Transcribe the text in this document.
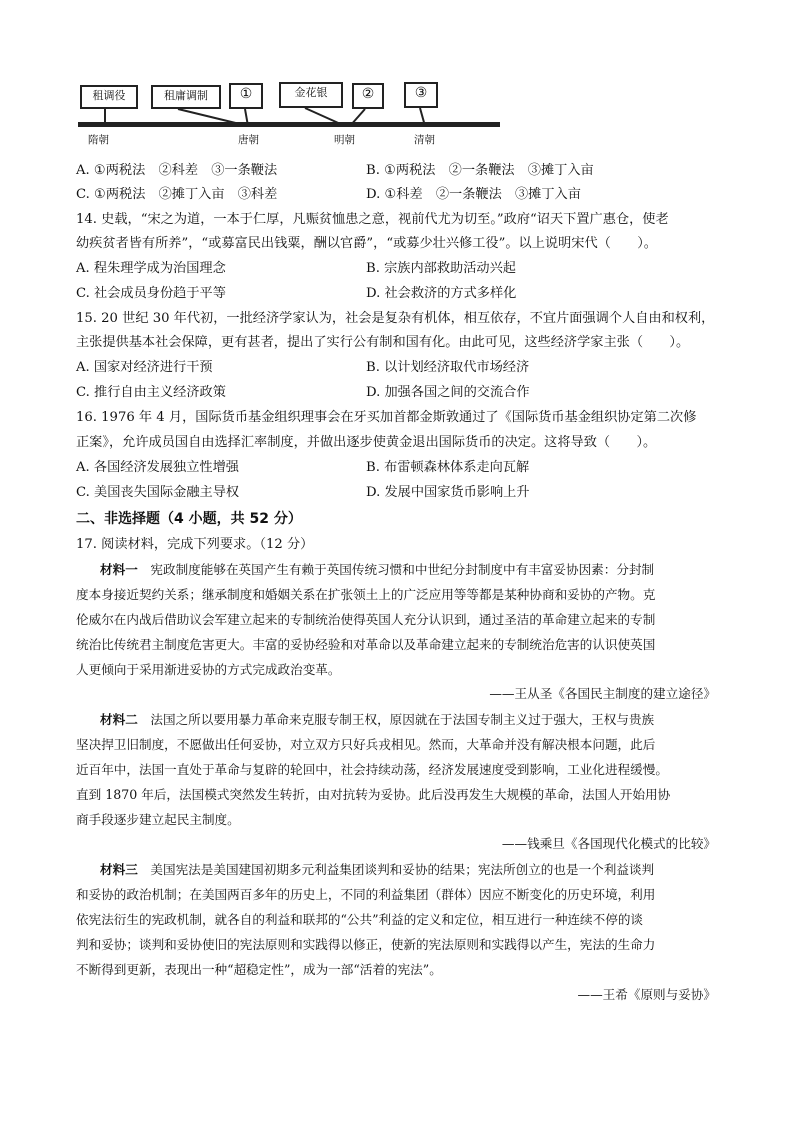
租调役	租庸调制	①	金花银	②	③
隋朝	唐朝	明朝	清朝
A. ①两税法　②科差　③一条鞭法	B. ①两税法　②一条鞭法　③摊丁入亩
C. ①两税法　②摊丁入亩　③科差	D. ①科差　②一条鞭法　③摊丁入亩
14. 史载，“宋之为道，一本于仁厚，凡赈贫恤患之意，视前代尤为切至。”政府“诏天下置广惠仓，使老
幼疾贫者皆有所养”，“或募富民出钱粟，酬以官爵”，“或募少壮兴修工役”。以上说明宋代（　　）。
A. 程朱理学成为治国理念	B. 宗族内部救助活动兴起
C. 社会成员身份趋于平等	D. 社会救济的方式多样化
15. 20 世纪 30 年代初，一批经济学家认为，社会是复杂有机体，相互依存，不宜片面强调个人自由和权利，
主张提供基本社会保障，更有甚者，提出了实行公有制和国有化。由此可见，这些经济学家主张（　　）。
A. 国家对经济进行干预	B. 以计划经济取代市场经济
C. 推行自由主义经济政策	D. 加强各国之间的交流合作
16. 1976 年 4 月，国际货币基金组织理事会在牙买加首都金斯敦通过了《国际货币基金组织协定第二次修
正案》，允许成员国自由选择汇率制度，并做出逐步使黄金退出国际货币的决定。这将导致（　　）。
A. 各国经济发展独立性增强	B. 布雷顿森林体系走向瓦解
C. 美国丧失国际金融主导权	D. 发展中国家货币影响上升
二、非选择题（4 小题，共 52 分）
17. 阅读材料，完成下列要求。（12 分）
材料一　宪政制度能够在英国产生有赖于英国传统习惯和中世纪分封制度中有丰富妥协因素：分封制
度本身接近契约关系；继承制度和婚姻关系在扩张领土上的广泛应用等等都是某种协商和妥协的产物。克
伦威尔在内战后借助议会军建立起来的专制统治使得英国人充分认识到，通过圣洁的革命建立起来的专制
统治比传统君主制度危害更大。丰富的妥协经验和对革命以及革命建立起来的专制统治危害的认识使英国
人更倾向于采用渐进妥协的方式完成政治变革。
——王从圣《各国民主制度的建立途径》
材料二　法国之所以要用暴力革命来克服专制王权，原因就在于法国专制主义过于强大，王权与贵族
坚决捍卫旧制度，不愿做出任何妥协，对立双方只好兵戎相见。然而，大革命并没有解决根本问题，此后
近百年中，法国一直处于革命与复辟的轮回中，社会持续动荡，经济发展速度受到影响，工业化进程缓慢。
直到 1870 年后，法国模式突然发生转折，由对抗转为妥协。此后没再发生大规模的革命，法国人开始用协
商手段逐步建立起民主制度。
——钱乘旦《各国现代化模式的比较》
材料三　美国宪法是美国建国初期多元利益集团谈判和妥协的结果；宪法所创立的也是一个利益谈判
和妥协的政治机制；在美国两百多年的历史上，不同的利益集团（群体）因应不断变化的历史环境，利用
依宪法衍生的宪政机制，就各自的利益和联邦的“公共”利益的定义和定位，相互进行一种连续不停的谈
判和妥协；谈判和妥协使旧的宪法原则和实践得以修正，使新的宪法原则和实践得以产生，宪法的生命力
不断得到更新，表现出一种“超稳定性”，成为一部“活着的宪法”。
——王希《原则与妥协》
